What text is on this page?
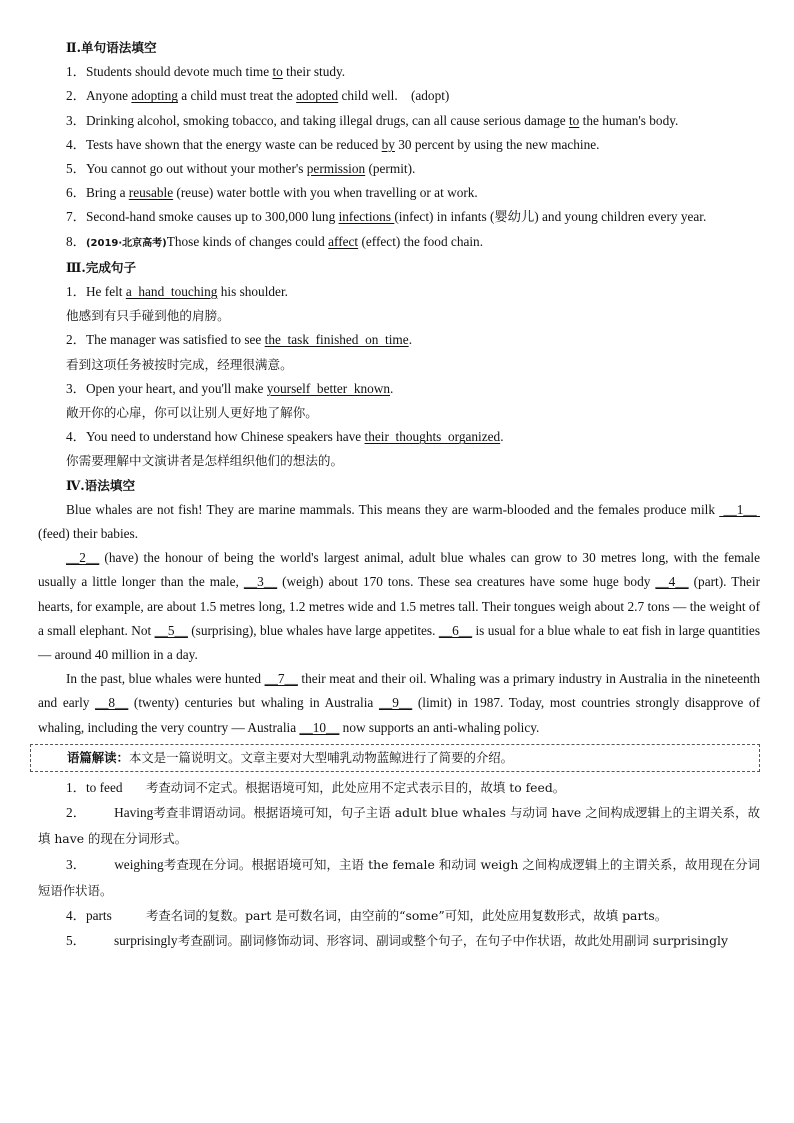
Ⅱ.单句语法填空
1．Students should devote much time to their study.
2．Anyone adopting a child must treat the adopted child well.　(adopt)
3．Drinking alcohol, smoking tobacco, and taking illegal drugs, can all cause serious damage to the human's body.
4．Tests have shown that the energy waste can be reduced by 30 percent by using the new machine.
5．You cannot go out without your mother's permission (permit).
6．Bring a reusable (reuse) water bottle with you when travelling or at work.
7．Second-hand smoke causes up to 300,000 lung infections (infect) in infants (婴幼儿) and young children every year.
8．(2019·北京高考)Those kinds of changes could affect (effect) the food chain.
Ⅲ.完成句子
1．He felt a  hand  touching his shoulder.
他感到有只手碰到他的肩膀。
2．The manager was satisfied to see the  task  finished  on  time.
看到这项任务被按时完成，经理很满意。
3．Open your heart, and you'll make yourself  better  known.
敞开你的心扉，你可以让别人更好地了解你。
4．You need to understand how Chinese speakers have their  thoughts  organized.
你需要理解中文演讲者是怎样组织他们的想法的。
Ⅳ.语法填空
Blue whales are not fish! They are marine mammals. This means they are warm-blooded and the females produce milk  __1__  (feed) their babies.
__2__ (have) the honour of being the world's largest animal, adult blue whales can grow to 30 metres long, with the female usually a little longer than the male, __3__ (weigh) about 170 tons. These sea creatures have some huge body __4__ (part). Their hearts, for example, are about 1.5 metres long, 1.2 metres wide and 1.5 metres tall. Their tongues weigh about 2.7 tons — the weight of a small elephant. Not __5__ (surprising), blue whales have large appetites. __6__ is usual for a blue whale to eat fish in large quantities — around 40 million in a day.
In the past, blue whales were hunted __7__ their meat and their oil. Whaling was a primary industry in Australia in the nineteenth and early __8__ (twenty) centuries but whaling in Australia __9__ (limit) in 1987. Today, most countries strongly disapprove of whaling, including the very country — Australia __10__ now supports an anti-whaling policy.
语篇解读：本文是一篇说明文。文章主要对大型哺乳动物蓝鲸进行了简要的介绍。
1．to feed 考查动词不定式。根据语境可知，此处应用不定式表示目的，故填 to feed。
2． Having考查非谓语动词。根据语境可知，句子主语 adult blue whales 与动词 have 之间构成逻辑上的主谓关系，故填 have 的现在分词形式。
3． weighing考查现在分词。根据语境可知，主语 the female 和动词 weigh 之间构成逻辑上的主谓关系，故用现在分词短语作状语。
4．parts	考查名词的复数。part 是可数名词，由空前的“some”可知，此处应用复数形式，故填 parts。
5． surprisingly考查副词。副词修饰动词、形容词、副词或整个句子，在句子中作状语，故此处用副词 surprisingly
